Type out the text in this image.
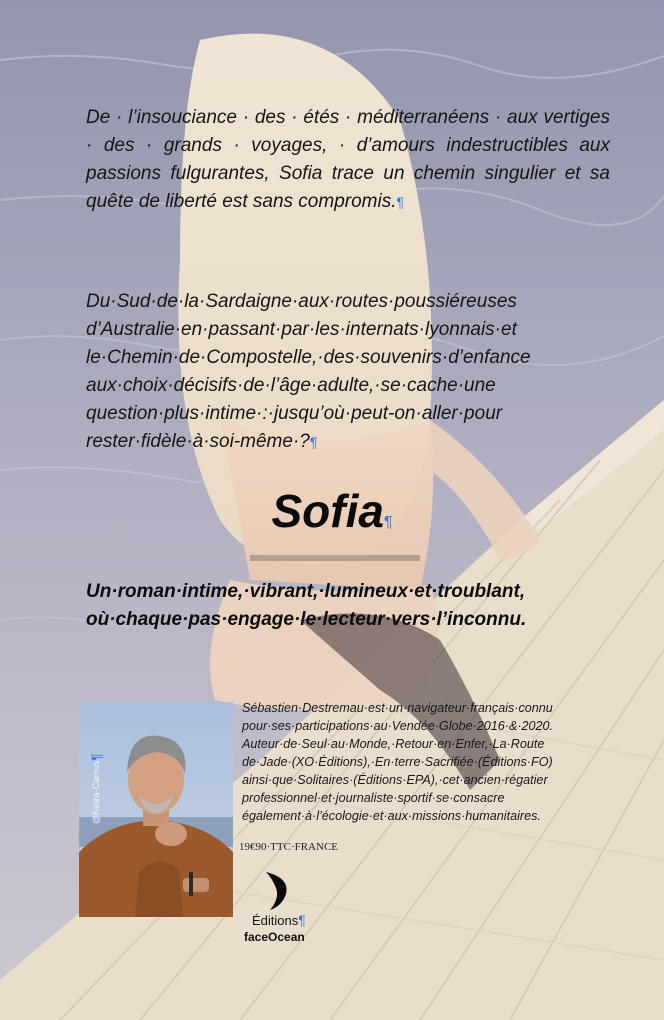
De · l’insouciance · des · étés · méditerranéens · aux vertiges · des · grands · voyages, · d’amours indestructibles aux passions fulgurantes, Sofia trace un chemin singulier et sa quête de liberté est sans compromis.¶

Du·Sud·de·la·Sardaigne·aux·routes·poussiéreuses d’Australie·en·passant·par·les·internats·lyonnais·et le·Chemin·de·Compostelle,·des·souvenirs·d’enfance aux·choix·décisifs·de·l’âge·adulte,·se·cache·une question·plus·intime·:·jusqu’où·peut-on·aller·pour rester·fidèle·à·soi-même·?¶

Sofia¶

Un·roman·intime,·vibrant,·lumineux·et·troublant, où·chaque·pas·engage·le·lecteur·vers·l’inconnu.

@Kelza·Camus¶

Sébastien·Destremau·est·un·navigateur·français·connu pour·ses·participations·au·Vendée·Globe·2016·&·2020. Auteur·de·Seul·au·Monde,·Retour·en·Enfer,·La·Route de·Jade·(XO·Éditions),·En·terre·Sacrifiée·(Éditions·FO) ainsi·que·Solitaires·(Éditions·EPA),·cet·ancien·régatier professionnel·et·journaliste·sportif·se·consacre également·à·l’écologie·et·aux·missions·humanitaires.

19€90·TTC·FRANCE
Éditions¶
faceOcean
